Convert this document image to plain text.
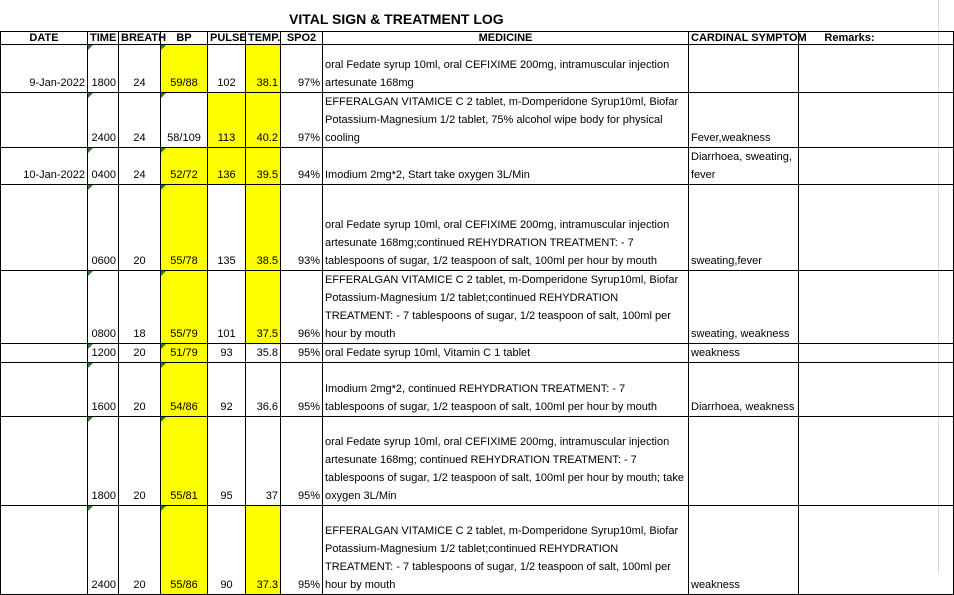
VITAL SIGN & TREATMENT LOG
DATE	TIME	BREATH	BP	PULSE	TEMP.	SPO2	MEDICINE	CARDINAL SYMPTOM	Remarks:
9-Jan-2022	1800	24	59/88	102	38.1	97%	oral Fedate syrup 10ml, oral CEFIXIME 200mg, intramuscular injection artesunate 168mg		
	2400	24	58/109	113	40.2	97%	EFFERALGAN VITAMICE C 2 tablet, m-Domperidone Syrup10ml, Biofar Potassium-Magnesium 1/2 tablet, 75% alcohol wipe body for physical cooling	Fever,weakness	
10-Jan-2022	0400	24	52/72	136	39.5	94%	Imodium 2mg*2, Start take oxygen 3L/Min	Diarrhoea, sweating, fever	
	0600	20	55/78	135	38.5	93%	oral Fedate syrup 10ml, oral CEFIXIME 200mg, intramuscular injection artesunate 168mg;continued REHYDRATION TREATMENT: - 7 tablespoons of sugar, 1/2 teaspoon of salt, 100ml per hour by mouth	sweating,fever	
	0800	18	55/79	101	37.5	96%	EFFERALGAN VITAMICE C 2 tablet, m-Domperidone Syrup10ml, Biofar Potassium-Magnesium 1/2 tablet;continued REHYDRATION TREATMENT: - 7 tablespoons of sugar, 1/2 teaspoon of salt, 100ml per hour by mouth	sweating, weakness	
	1200	20	51/79	93	35.8	95%	oral Fedate syrup 10ml, Vitamin C 1 tablet	weakness	
	1600	20	54/86	92	36.6	95%	Imodium 2mg*2, continued REHYDRATION TREATMENT: - 7 tablespoons of sugar, 1/2 teaspoon of salt, 100ml per hour by mouth	Diarrhoea, weakness	
	1800	20	55/81	95	37	95%	oral Fedate syrup 10ml, oral CEFIXIME 200mg, intramuscular injection artesunate 168mg; continued REHYDRATION TREATMENT: - 7 tablespoons of sugar, 1/2 teaspoon of salt, 100ml per hour by mouth; take oxygen 3L/Min		
	2400	20	55/86	90	37.3	95%	EFFERALGAN VITAMICE C 2 tablet, m-Domperidone Syrup10ml, Biofar Potassium-Magnesium 1/2 tablet;continued REHYDRATION TREATMENT: - 7 tablespoons of sugar, 1/2 teaspoon of salt, 100ml per hour by mouth	weakness	
